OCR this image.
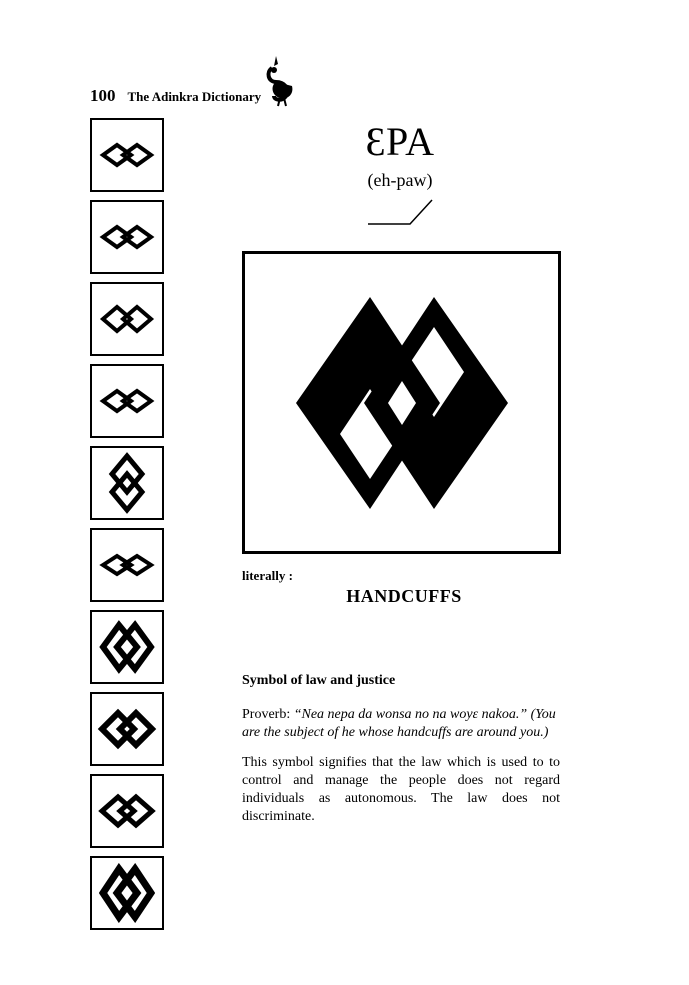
100 The Adinkra Dictionary
ƐPA
(eh-paw)
literally :
HANDCUFFS

Symbol of law and justice

Proverb: “Nea nepa da wonsa no na woyɛ nakoa.” (You are the subject of he whose handcuffs are around you.)

This symbol signifies that the law which is used to to control and manage the people does not regard individuals as autonomous. The law does not discriminate.
